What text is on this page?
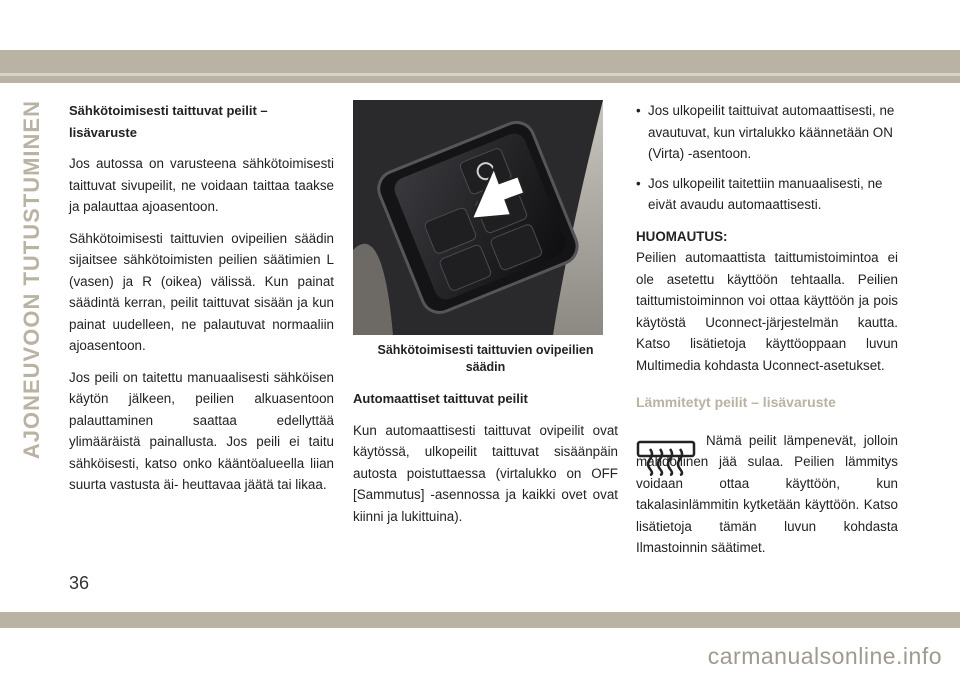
AJONEUVOON TUTUSTUMINEN	Sähkötoimisesti taittuvat peilit – lisävaruste
Jos autossa on varusteena sähkötoimisesti taittuvat sivupeilit, ne voidaan taittaa taakse ja palauttaa ajoasentoon.
Sähkötoimisesti taittuvien ovipeilien säädin sijaitsee sähkötoimisten peilien säätimien L (vasen) ja R (oikea) välissä. Kun painat säädintä kerran, peilit taittuvat sisään ja kun painat uudelleen, ne palautuvat normaaliin ajoasentoon.
Jos peili on taitettu manuaalisesti sähköisen käytön jälkeen, peilien alkuasentoon palauttaminen saattaa edellyttää ylimääräistä painallusta. Jos peili ei taitu sähköisesti, katso onko kääntöalueella liian suurta vastusta äi- heuttavaa jäätä tai likaa.
Sähkötoimisesti taittuvien ovipeilien
säädin
Automaattiset taittuvat peilit
Kun automaattisesti taittuvat ovipeilit ovat käytössä, ulkopeilit taittuvat sisäänpäin autosta poistuttaessa (virtalukko on OFF [Sammutus] -asennossa ja kaikki ovet ovat kiinni ja lukittuina).
• Jos ulkopeilit taittuivat automaattisesti, ne avautuvat, kun virtalukko käännetään ON (Virta) -asentoon.
• Jos ulkopeilit taitettiin manuaalisesti, ne eivät avaudu automaattisesti.
HUOMAUTUS:
Peilien automaattista taittumistoimintoa ei ole asetettu käyttöön tehtaalla. Peilien taittumistoiminnon voi ottaa käyttöön ja pois käytöstä Uconnect-järjestelmän kautta. Katso lisätietoja käyttöoppaan luvun Multimedia kohdasta Uconnect-asetukset.
Lämmitetyt peilit – lisävaruste
Nämä peilit lämpenevät, jolloin mahdollinen jää sulaa. Peilien lämmitys voidaan ottaa käyttöön, kun takalasinlämmitin kytketään käyttöön. Katso lisätietoja tämän luvun kohdasta Ilmastoinnin säätimet.
36
carmanualsonline.info
